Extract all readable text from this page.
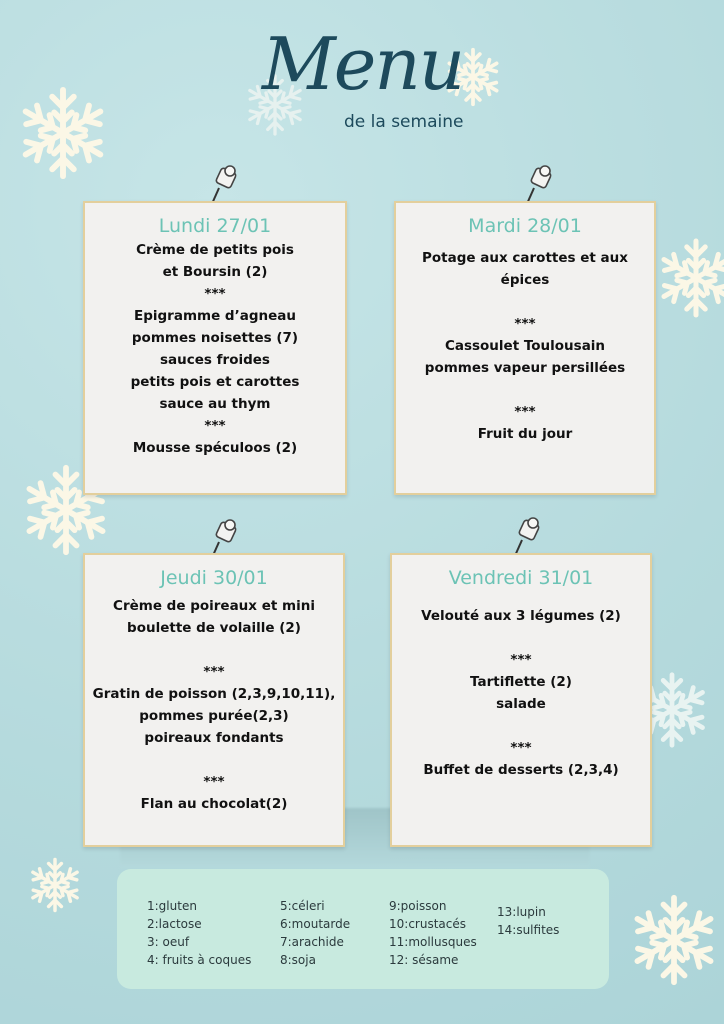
Menu
de la semaine
Lundi 27/01
Crème de petits pois
et Boursin (2)
***
Epigramme d’agneau
pommes noisettes (7)
sauces froides
petits pois et carottes
sauce au thym
***
Mousse spéculoos (2)
Mardi 28/01
Potage aux carottes et aux
épices
***
Cassoulet Toulousain
pommes vapeur persillées
***
Fruit du jour
Jeudi 30/01
Crème de poireaux et mini
boulette de volaille (2)
***
Gratin de poisson (2,3,9,10,11),
pommes purée(2,3)
poireaux fondants
***
Flan au chocolat(2)
Vendredi 31/01
Velouté aux 3 légumes (2)
***
Tartiflette (2)
salade
***
Buffet de desserts (2,3,4)
1:gluten
2:lactose
3: oeuf
4: fruits à coques
5:céleri
6:moutarde
7:arachide
8:soja
9:poisson
10:crustacés
11:mollusques
12: sésame
13:lupin
14:sulfites
